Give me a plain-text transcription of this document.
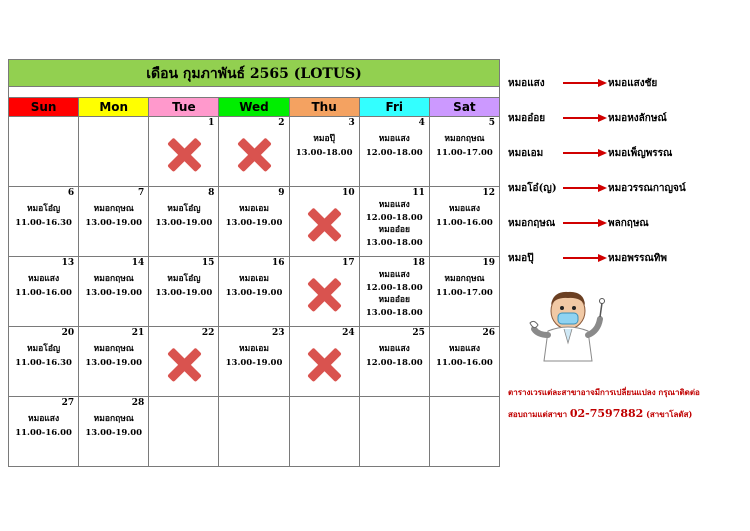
เดือน กุมภาพันธ์ 2565 (LOTUS)
Sun	Mon	Tue	Wed	Thu	Fri	Sat

		1	2	3
หมอปุ๊
13.00-18.00	4
หมอแสง
12.00-18.00	5
หมอกฤษณ
11.00-17.00

6
หมอโอ๋ญ
11.00-16.30	7
หมอกฤษณ
13.00-19.00	8
หมอโอ๋ญ
13.00-19.00	9
หมอเอม
13.00-19.00	10	11
หมอแสง
12.00-18.00
หมออ๋อย
13.00-18.00	12
หมอแสง
11.00-16.00

13
หมอแสง
11.00-16.00	14
หมอกฤษณ
13.00-19.00	15
หมอโอ๋ญ
13.00-19.00	16
หมอเอม
13.00-19.00	17	18
หมอแสง
12.00-18.00
หมออ๋อย
13.00-18.00	19
หมอกฤษณ
11.00-17.00

20
หมอโอ๋ญ
11.00-16.30	21
หมอกฤษณ
13.00-19.00	22	23
หมอเอม
13.00-19.00	24	25
หมอแสง
12.00-18.00	26
หมอแสง
11.00-16.00

27
หมอแสง
11.00-16.00	28
หมอกฤษณ
13.00-19.00					

หมอแสง	หมอแสงชัย
หมออ๋อย	หมอหงลักษณ์
หมอเอม	หมอเพ็ญพรรณ
หมอโอ๋(ญ)	หมอวรรณกาญจน์
หมอกฤษณ	พลกฤษณ
หมอปุ๊	หมอพรรณทิพ
ตารางเวรแต่ละสาขาอาจมีการเปลี่ยนแปลง กรุณาติดต่อ
สอบถามแต่สาขา 02-7597882 (สาขาโลตัส)
